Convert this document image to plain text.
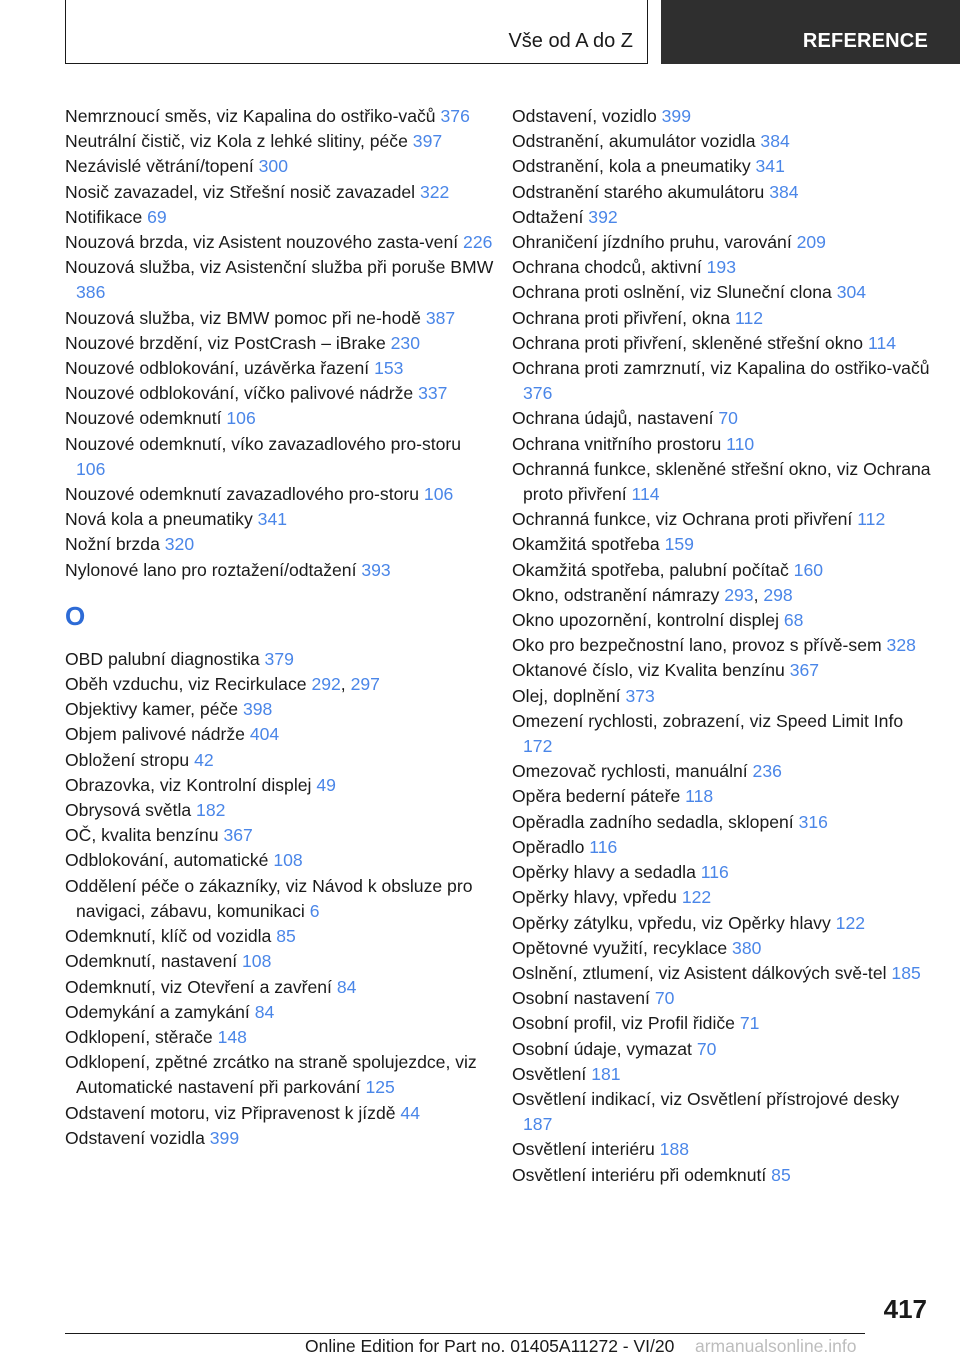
Vše od A do Z	REFERENCE
Nemrznoucí směs, viz Kapalina do ostřiko‐vačů 376
Neutrální čistič, viz Kola z lehké slitiny, péče 397
Nezávislé větrání/topení 300
Nosič zavazadel, viz Střešní nosič zavazadel 322
Notifikace 69
Nouzová brzda, viz Asistent nouzového zasta‐vení 226
Nouzová služba, viz Asistenční služba při poruše BMW 386
Nouzová služba, viz BMW pomoc při ne‐hodě 387
Nouzové brzdění, viz PostCrash – iBrake 230
Nouzové odblokování, uzávěrka řazení 153
Nouzové odblokování, víčko palivové nádrže 337
Nouzové odemknutí 106
Nouzové odemknutí, víko zavazadlového pro‐storu 106
Nouzové odemknutí zavazadlového pro‐storu 106
Nová kola a pneumatiky 341
Nožní brzda 320
Nylonové lano pro roztažení/odtažení 393
O
OBD palubní diagnostika 379
Oběh vzduchu, viz Recirkulace 292, 297
Objektivy kamer, péče 398
Objem palivové nádrže 404
Obložení stropu 42
Obrazovka, viz Kontrolní displej 49
Obrysová světla 182
OČ, kvalita benzínu 367
Odblokování, automatické 108
Oddělení péče o zákazníky, viz Návod k obsluze pro navigaci, zábavu, komunikaci 6
Odemknutí, klíč od vozidla 85
Odemknutí, nastavení 108
Odemknutí, viz Otevření a zavření 84
Odemykání a zamykání 84
Odklopení, stěrače 148
Odklopení, zpětné zrcátko na straně spolujezdce, viz Automatické nastavení při parkování 125
Odstavení motoru, viz Připravenost k jízdě 44
Odstavení vozidla 399
Odstavení, vozidlo 399
Odstranění, akumulátor vozidla 384
Odstranění, kola a pneumatiky 341
Odstranění starého akumulátoru 384
Odtažení 392
Ohraničení jízdního pruhu, varování 209
Ochrana chodců, aktivní 193
Ochrana proti oslnění, viz Sluneční clona 304
Ochrana proti přivření, okna 112
Ochrana proti přivření, skleněné střešní okno 114
Ochrana proti zamrznutí, viz Kapalina do ostřiko‐vačů 376
Ochrana údajů, nastavení 70
Ochrana vnitřního prostoru 110
Ochranná funkce, skleněné střešní okno, viz Ochrana proto přivření 114
Ochranná funkce, viz Ochrana proti přivření 112
Okamžitá spotřeba 159
Okamžitá spotřeba, palubní počítač 160
Okno, odstranění námrazy 293, 298
Okno upozornění, kontrolní displej 68
Oko pro bezpečnostní lano, provoz s přívě‐sem 328
Oktanové číslo, viz Kvalita benzínu 367
Olej, doplnění 373
Omezení rychlosti, zobrazení, viz Speed Limit Info 172
Omezovač rychlosti, manuální 236
Opěra bederní páteře 118
Opěradla zadního sedadla, sklopení 316
Opěradlo 116
Opěrky hlavy a sedadla 116
Opěrky hlavy, vpředu 122
Opěrky zátylku, vpředu, viz Opěrky hlavy 122
Opětovné využití, recyklace 380
Oslnění, ztlumení, viz Asistent dálkových svě‐tel 185
Osobní nastavení 70
Osobní profil, viz Profil řidiče 71
Osobní údaje, vymazat 70
Osvětlení 181
Osvětlení indikací, viz Osvětlení přístrojové desky 187
Osvětlení interiéru 188
Osvětlení interiéru při odemknutí 85
417
Online Edition for Part no. 01405A11272 - VI/20 armanualsonline.info
